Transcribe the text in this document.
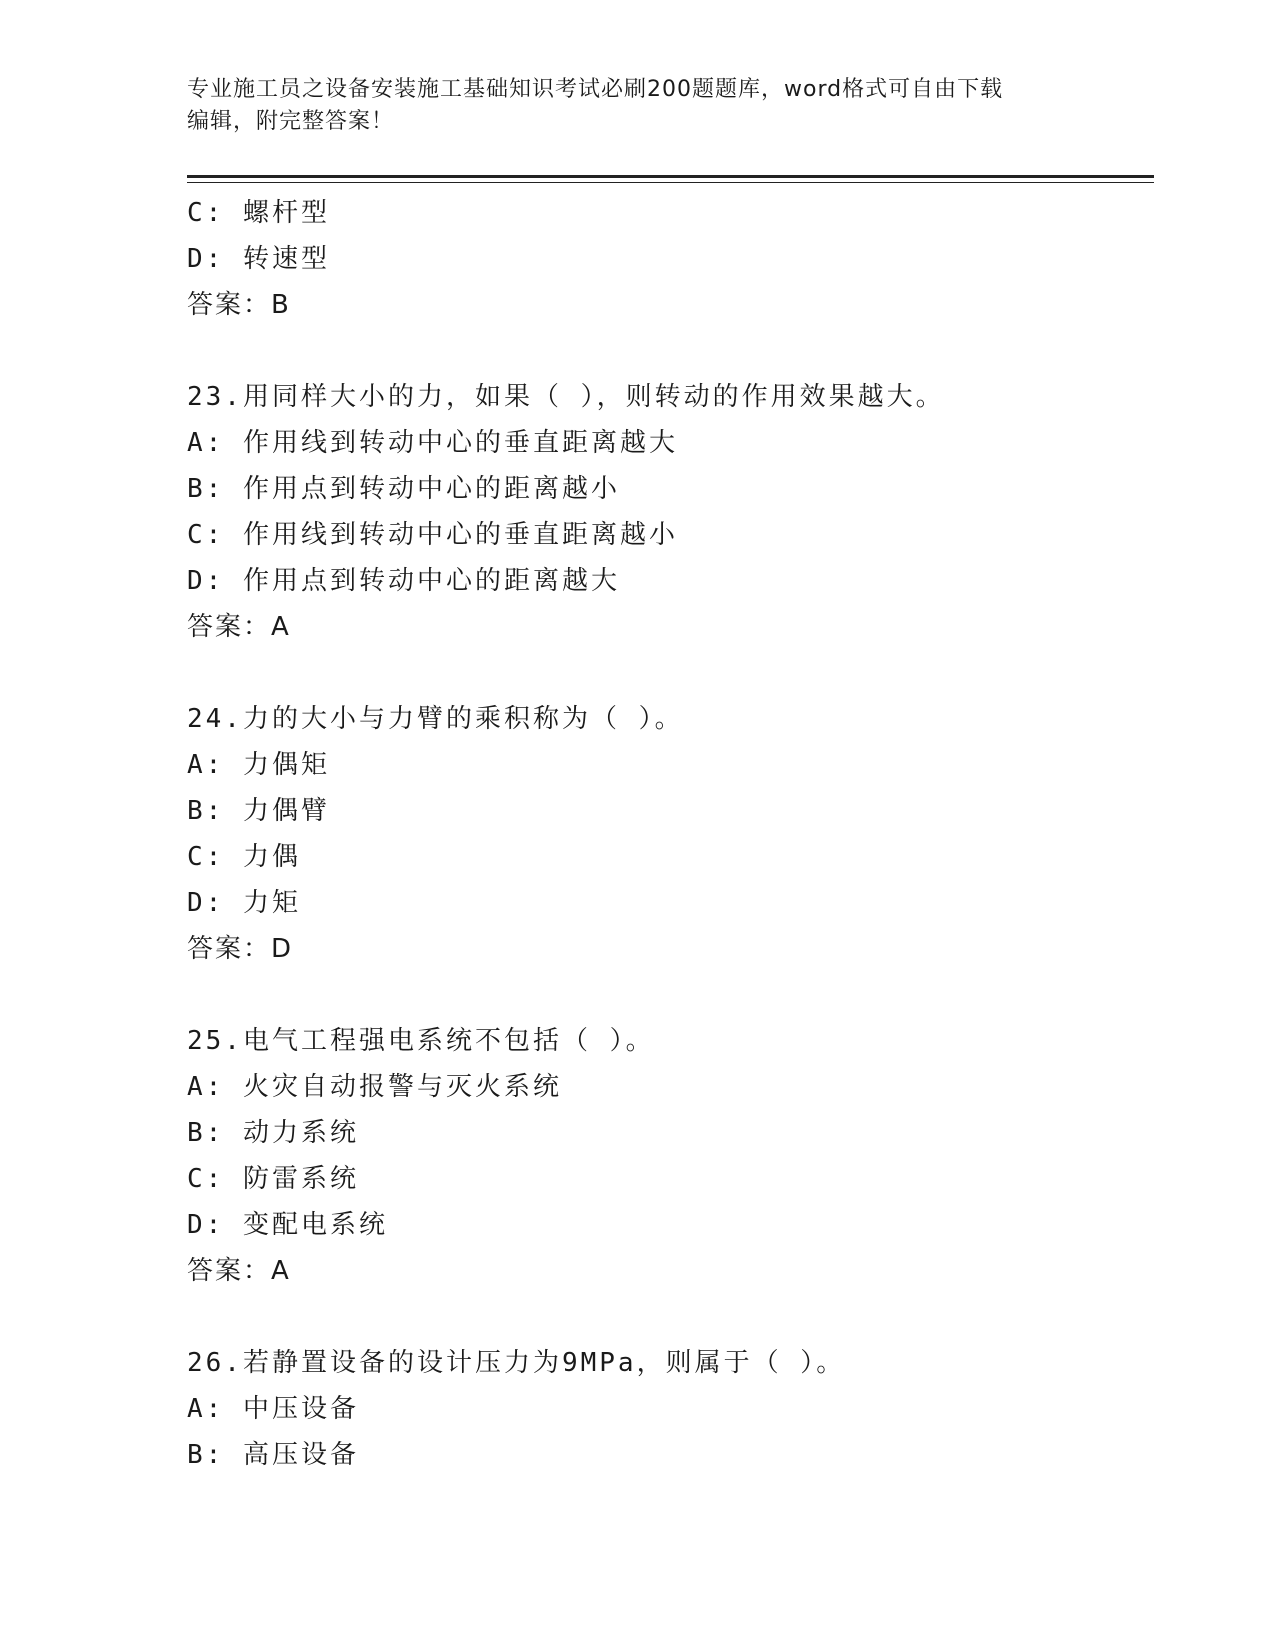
专业施工员之设备安装施工基础知识考试必刷200题题库，word格式可自由下载
编辑，附完整答案！
C: 螺杆型
D: 转速型
答案：B
23.用同样大小的力，如果（ ），则转动的作用效果越大。
A: 作用线到转动中心的垂直距离越大
B: 作用点到转动中心的距离越小
C: 作用线到转动中心的垂直距离越小
D: 作用点到转动中心的距离越大
答案：A
24.力的大小与力臂的乘积称为（ ）。
A: 力偶矩
B: 力偶臂
C: 力偶
D: 力矩
答案：D
25.电气工程强电系统不包括（ ）。
A: 火灾自动报警与灭火系统
B: 动力系统
C: 防雷系统
D: 变配电系统
答案：A
26.若静置设备的设计压力为9MPa，则属于（ ）。
A: 中压设备
B: 高压设备
